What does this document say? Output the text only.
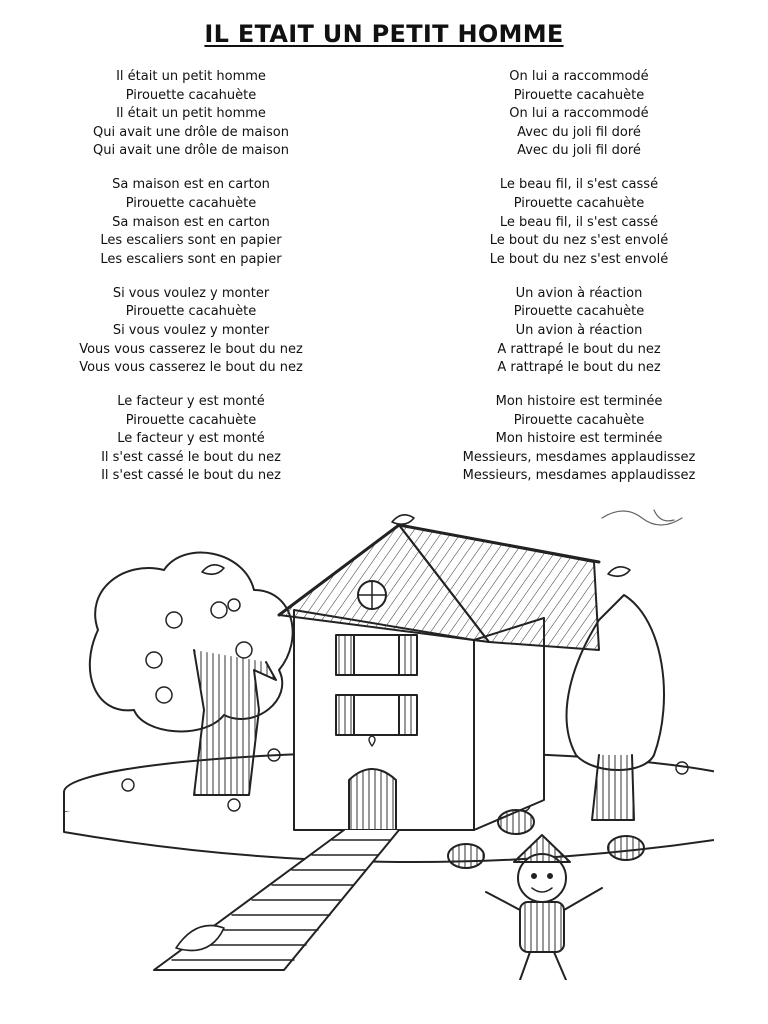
IL ETAIT UN PETIT HOMME
Il était un petit homme
Pirouette cacahuète
Il était un petit homme
Qui avait une drôle de maison
Qui avait une drôle de maison
Sa maison est en carton
Pirouette cacahuète
Sa maison est en carton
Les escaliers sont en papier
Les escaliers sont en papier
Si vous voulez y monter
Pirouette cacahuète
Si vous voulez y monter
Vous vous casserez le bout du nez
Vous vous casserez le bout du nez
Le facteur y est monté
Pirouette cacahuète
Le facteur y est monté
Il s'est cassé le bout du nez
Il s'est cassé le bout du nez
On lui a raccommodé
Pirouette cacahuète
On lui a raccommodé
Avec du joli fil doré
Avec du joli fil doré
Le beau fil, il s'est cassé
Pirouette cacahuète
Le beau fil, il s'est cassé
Le bout du nez s'est envolé
Le bout du nez s'est envolé
Un avion à réaction
Pirouette cacahuète
Un avion à réaction
A rattrapé le bout du nez
A rattrapé le bout du nez
Mon histoire est terminée
Pirouette cacahuète
Mon histoire est terminée
Messieurs, mesdames applaudissez
Messieurs, mesdames applaudissez
